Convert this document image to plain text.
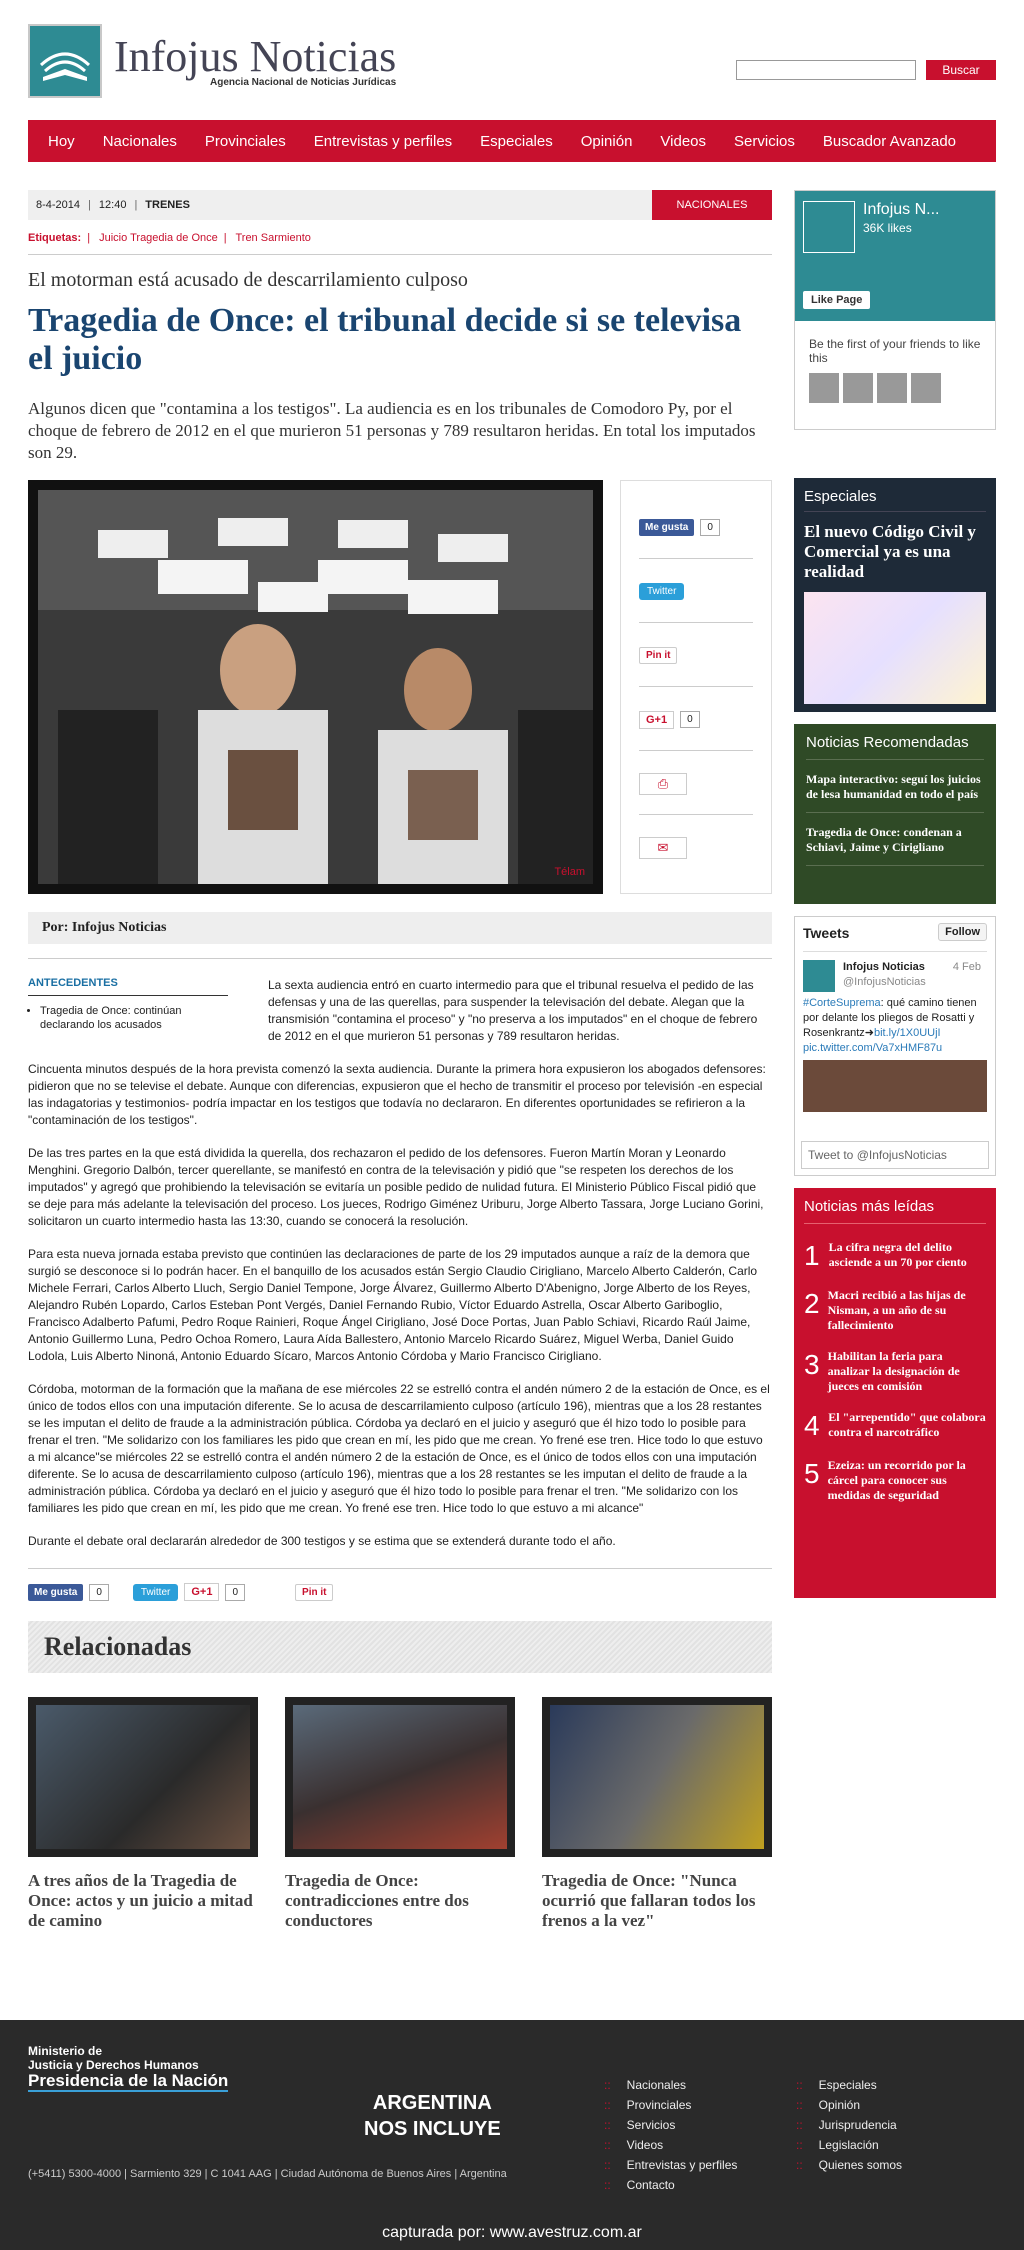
Infojus Noticias
Agencia Nacional de Noticias Jurídicas
Buscar
Hoy	Nacionales	Provinciales	Entrevistas y perfiles	Especiales	Opinión	Videos	Servicios	Buscador Avanzado
8-4-2014 | 12:40 | TRENES	NACIONALES
Etiquetas: | Juicio Tragedia de Once | Tren Sarmiento
El motorman está acusado de descarrilamiento culposo
Tragedia de Once: el tribunal decide si se televisa el juicio
Algunos dicen que "contamina a los testigos". La audiencia es en los tribunales de Comodoro Py, por el choque de febrero de 2012 en el que murieron 51 personas y 789 resultaron heridas. En total los imputados son 29.
Télam
Me gusta	0
Twitter
Pin it
G+1	0
⎙
✉
Por: Infojus Noticias
ANTECEDENTES
• Tragedia de Once: continúan declarando los acusados

La sexta audiencia entró en cuarto intermedio para que el tribunal resuelva el pedido de las defensas y una de las querellas, para suspender la televisación del debate. Alegan que la transmisión "contamina el proceso" y "no preserva a los imputados" en el choque de febrero de 2012 en el que murieron 51 personas y 789 resultaron heridas.

Cincuenta minutos después de la hora prevista comenzó la sexta audiencia. Durante la primera hora expusieron los abogados defensores: pidieron que no se televise el debate. Aunque con diferencias, expusieron que el hecho de transmitir el proceso por televisión -en especial las indagatorias y testimonios- podría impactar en los testigos que todavía no declararon. En diferentes oportunidades se refirieron a la "contaminación de los testigos".

De las tres partes en la que está dividida la querella, dos rechazaron el pedido de los defensores. Fueron Martín Moran y Leonardo Menghini. Gregorio Dalbón, tercer querellante, se manifestó en contra de la televisación y pidió que "se respeten los derechos de los imputados" y agregó que prohibiendo la televisación se evitaría un posible pedido de nulidad futura. El Ministerio Público Fiscal pidió que se deje para más adelante la televisación del proceso. Los jueces, Rodrigo Giménez Uriburu, Jorge Alberto Tassara, Jorge Luciano Gorini, solicitaron un cuarto intermedio hasta las 13:30, cuando se conocerá la resolución.

Para esta nueva jornada estaba previsto que continúen las declaraciones de parte de los 29 imputados aunque a raíz de la demora que surgió se desconoce si lo podrán hacer. En el banquillo de los acusados están Sergio Claudio Cirigliano, Marcelo Alberto Calderón, Carlo Michele Ferrari, Carlos Alberto Lluch, Sergio Daniel Tempone, Jorge Álvarez, Guillermo Alberto D'Abenigno, Jorge Alberto de los Reyes, Alejandro Rubén Lopardo, Carlos Esteban Pont Vergés, Daniel Fernando Rubio, Víctor Eduardo Astrella, Oscar Alberto Gariboglio, Francisco Adalberto Pafumi, Pedro Roque Rainieri, Roque Ángel Cirigliano, José Doce Portas, Juan Pablo Schiavi, Ricardo Raúl Jaime, Antonio Guillermo Luna, Pedro Ochoa Romero, Laura Aída Ballestero, Antonio Marcelo Ricardo Suárez, Miguel Werba, Daniel Guido Lodola, Luis Alberto Ninoná, Antonio Eduardo Sícaro, Marcos Antonio Córdoba y Mario Francisco Cirigliano.

Córdoba, motorman de la formación que la mañana de ese miércoles 22 se estrelló contra el andén número 2 de la estación de Once, es el único de todos ellos con una imputación diferente. Se lo acusa de descarrilamiento culposo (artículo 196), mientras que a los 28 restantes se les imputan el delito de fraude a la administración pública. Córdoba ya declaró en el juicio y aseguró que él hizo todo lo posible para frenar el tren. "Me solidarizo con los familiares les pido que crean en mí, les pido que me crean. Yo frené ese tren. Hice todo lo que estuvo a mi alcance"se miércoles 22 se estrelló contra el andén número 2 de la estación de Once, es el único de todos ellos con una imputación diferente. Se lo acusa de descarrilamiento culposo (artículo 196), mientras que a los 28 restantes se les imputan el delito de fraude a la administración pública. Córdoba ya declaró en el juicio y aseguró que él hizo todo lo posible para frenar el tren. "Me solidarizo con los familiares les pido que crean en mí, les pido que me crean. Yo frené ese tren. Hice todo lo que estuvo a mi alcance"

Durante el debate oral declararán alrededor de 300 testigos y se estima que se extenderá durante todo el año.

Me gusta	0	Twitter	G+1	0	Pin it
Relacionadas
A tres años de la Tragedia de Once: actos y un juicio a mitad de camino
Tragedia de Once: contradicciones entre dos conductores
Tragedia de Once: "Nunca ocurrió que fallaran todos los frenos a la vez"
Infojus N...
36K likes
Like Page
Be the first of your friends to like this
Especiales
El nuevo Código Civil y Comercial ya es una realidad
Noticias Recomendadas

Mapa interactivo: seguí los juicios de lesa humanidad en todo el país

Tragedia de Once: condenan a Schiavi, Jaime y Cirigliano

Tweets	Follow
Infojus Noticias
@InfojusNoticias
4 Feb
#CorteSuprema: qué camino tienen por delante los pliegos de Rosatti y Rosenkrantz➜bit.ly/1X0UUjI
pic.twitter.com/Va7xHMF87u
Tweet to @InfojusNoticias
Noticias más leídas
1 La cifra negra del delito asciende a un 70 por ciento
2 Macri recibió a las hijas de Nisman, a un año de su fallecimiento
3 Habilitan la feria para analizar la designación de jueces en comisión
4 El "arrepentido" que colabora contra el narcotráfico
5 Ezeiza: un recorrido por la cárcel para conocer sus medidas de seguridad
Ministerio de
Justicia y Derechos Humanos
Presidencia de la Nación
(+5411) 5300-4000 | Sarmiento 329 | C 1041 AAG | Ciudad Autónoma de Buenos Aires | Argentina
ARGENTINA
NOS INCLUYE
:: Nacionales
:: Provinciales
:: Servicios
:: Videos
:: Entrevistas y perfiles
:: Contacto
:: Especiales
:: Opinión
:: Jurisprudencia
:: Legislación
:: Quienes somos
capturada por: www.avestruz.com.ar
